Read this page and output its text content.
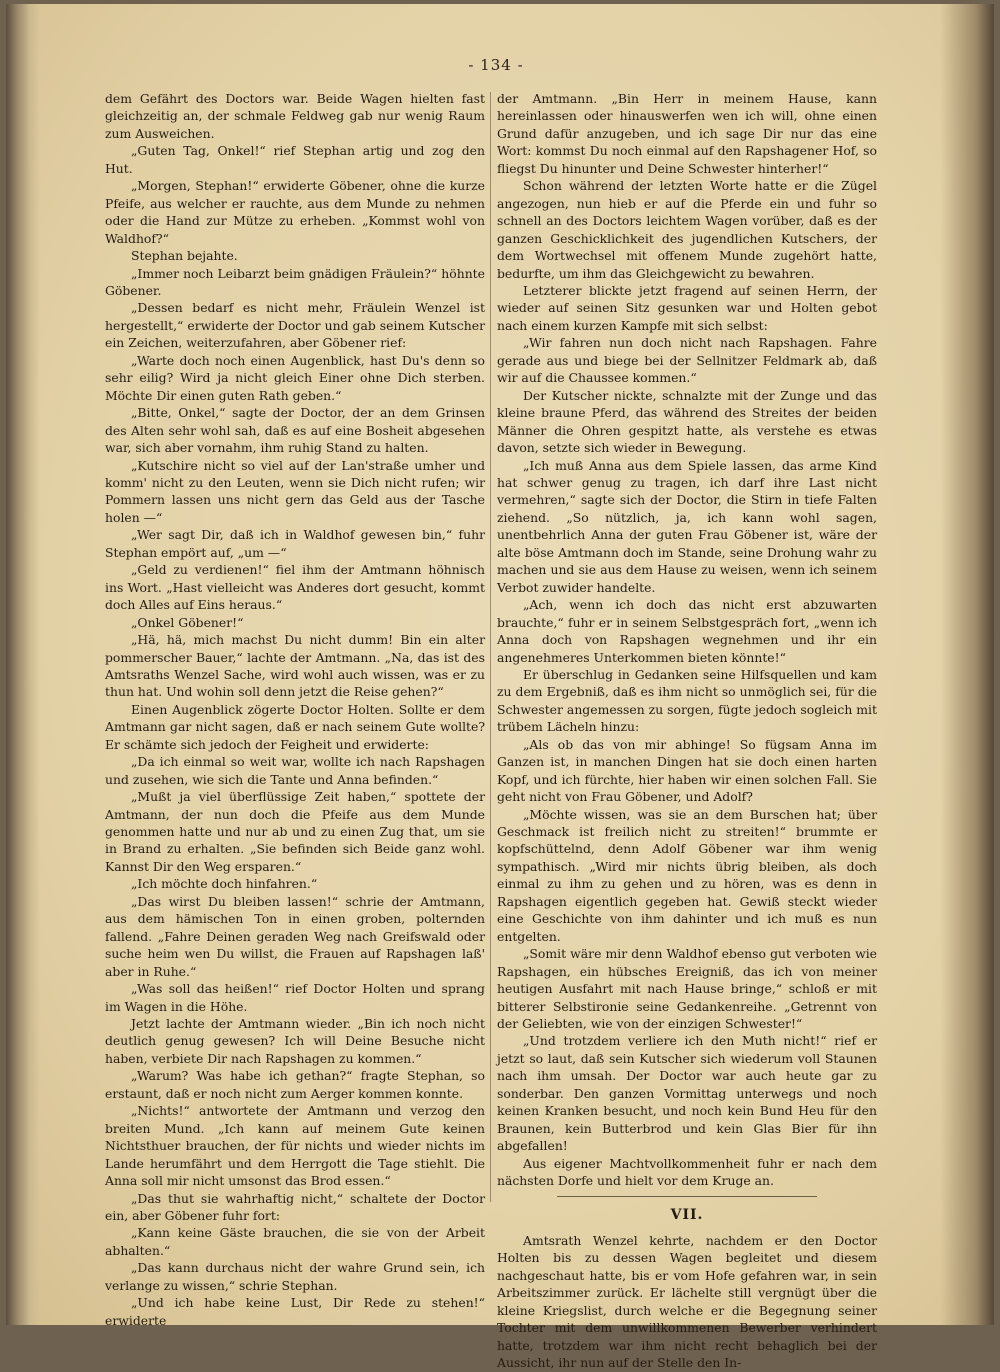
- 134 -

dem Gefährt des Doctors war. Beide Wagen hielten fast gleichzeitig an, der schmale Feldweg gab nur wenig Raum zum Ausweichen.

„Guten Tag, Onkel!“ rief Stephan artig und zog den Hut.

„Morgen, Stephan!“ erwiderte Göbener, ohne die kurze Pfeife, aus welcher er rauchte, aus dem Munde zu nehmen oder die Hand zur Mütze zu erheben. „Kommst wohl von Waldhof?“

Stephan bejahte.

„Immer noch Leibarzt beim gnädigen Fräulein?“ höhnte Göbener.

„Dessen bedarf es nicht mehr, Fräulein Wenzel ist hergestellt,“ erwiderte der Doctor und gab seinem Kutscher ein Zeichen, weiterzufahren, aber Göbener rief:

„Warte doch noch einen Augenblick, hast Du's denn so sehr eilig? Wird ja nicht gleich Einer ohne Dich sterben. Möchte Dir einen guten Rath geben.“

„Bitte, Onkel,“ sagte der Doctor, der an dem Grinsen des Alten sehr wohl sah, daß es auf eine Bosheit abgesehen war, sich aber vornahm, ihm ruhig Stand zu halten.

„Kutschire nicht so viel auf der Lan'straße umher und komm' nicht zu den Leuten, wenn sie Dich nicht rufen; wir Pommern lassen uns nicht gern das Geld aus der Tasche holen —“

„Wer sagt Dir, daß ich in Waldhof gewesen bin,“ fuhr Stephan empört auf, „um —“

„Geld zu verdienen!“ fiel ihm der Amtmann höhnisch ins Wort. „Hast vielleicht was Anderes dort gesucht, kommt doch Alles auf Eins heraus.“

„Onkel Göbener!“

„Hä, hä, mich machst Du nicht dumm! Bin ein alter pommerscher Bauer,“ lachte der Amtmann. „Na, das ist des Amtsraths Wenzel Sache, wird wohl auch wissen, was er zu thun hat. Und wohin soll denn jetzt die Reise gehen?“

Einen Augenblick zögerte Doctor Holten. Sollte er dem Amtmann gar nicht sagen, daß er nach seinem Gute wollte? Er schämte sich jedoch der Feigheit und erwiderte:

„Da ich einmal so weit war, wollte ich nach Rapshagen und zusehen, wie sich die Tante und Anna befinden.“

„Mußt ja viel überflüssige Zeit haben,“ spottete der Amtmann, der nun doch die Pfeife aus dem Munde genommen hatte und nur ab und zu einen Zug that, um sie in Brand zu erhalten. „Sie befinden sich Beide ganz wohl. Kannst Dir den Weg ersparen.“

„Ich möchte doch hinfahren.“

„Das wirst Du bleiben lassen!“ schrie der Amtmann, aus dem hämischen Ton in einen groben, polternden fallend. „Fahre Deinen geraden Weg nach Greifswald oder suche heim wen Du willst, die Frauen auf Rapshagen laß' aber in Ruhe.“

„Was soll das heißen!“ rief Doctor Holten und sprang im Wagen in die Höhe.

Jetzt lachte der Amtmann wieder. „Bin ich noch nicht deutlich genug gewesen? Ich will Deine Besuche nicht haben, verbiete Dir nach Rapshagen zu kommen.“

„Warum? Was habe ich gethan?“ fragte Stephan, so erstaunt, daß er noch nicht zum Aerger kommen konnte.

„Nichts!“ antwortete der Amtmann und verzog den breiten Mund. „Ich kann auf meinem Gute keinen Nichtsthuer brauchen, der für nichts und wieder nichts im Lande herumfährt und dem Herrgott die Tage stiehlt. Die Anna soll mir nicht umsonst das Brod essen.“

„Das thut sie wahrhaftig nicht,“ schaltete der Doctor ein, aber Göbener fuhr fort:

„Kann keine Gäste brauchen, die sie von der Arbeit abhalten.“

„Das kann durchaus nicht der wahre Grund sein, ich verlange zu wissen,“ schrie Stephan.

„Und ich habe keine Lust, Dir Rede zu stehen!“ erwiderte

der Amtmann. „Bin Herr in meinem Hause, kann hereinlassen oder hinauswerfen wen ich will, ohne einen Grund dafür anzugeben, und ich sage Dir nur das eine Wort: kommst Du noch einmal auf den Rapshagener Hof, so fliegst Du hinunter und Deine Schwester hinterher!“

Schon während der letzten Worte hatte er die Zügel angezogen, nun hieb er auf die Pferde ein und fuhr so schnell an des Doctors leichtem Wagen vorüber, daß es der ganzen Geschicklichkeit des jugendlichen Kutschers, der dem Wortwechsel mit offenem Munde zugehört hatte, bedurfte, um ihm das Gleichgewicht zu bewahren.

Letzterer blickte jetzt fragend auf seinen Herrn, der wieder auf seinen Sitz gesunken war und Holten gebot nach einem kurzen Kampfe mit sich selbst:

„Wir fahren nun doch nicht nach Rapshagen. Fahre gerade aus und biege bei der Sellnitzer Feldmark ab, daß wir auf die Chaussee kommen.“

Der Kutscher nickte, schnalzte mit der Zunge und das kleine braune Pferd, das während des Streites der beiden Männer die Ohren gespitzt hatte, als verstehe es etwas davon, setzte sich wieder in Bewegung.

„Ich muß Anna aus dem Spiele lassen, das arme Kind hat schwer genug zu tragen, ich darf ihre Last nicht vermehren,“ sagte sich der Doctor, die Stirn in tiefe Falten ziehend. „So nützlich, ja, ich kann wohl sagen, unentbehrlich Anna der guten Frau Göbener ist, wäre der alte böse Amtmann doch im Stande, seine Drohung wahr zu machen und sie aus dem Hause zu weisen, wenn ich seinem Verbot zuwider handelte.

„Ach, wenn ich doch das nicht erst abzuwarten brauchte,“ fuhr er in seinem Selbstgespräch fort, „wenn ich Anna doch von Rapshagen wegnehmen und ihr ein angenehmeres Unterkommen bieten könnte!“

Er überschlug in Gedanken seine Hilfsquellen und kam zu dem Ergebniß, daß es ihm nicht so unmöglich sei, für die Schwester angemessen zu sorgen, fügte jedoch sogleich mit trübem Lächeln hinzu:

„Als ob das von mir abhinge! So fügsam Anna im Ganzen ist, in manchen Dingen hat sie doch einen harten Kopf, und ich fürchte, hier haben wir einen solchen Fall. Sie geht nicht von Frau Göbener, und Adolf?

„Möchte wissen, was sie an dem Burschen hat; über Geschmack ist freilich nicht zu streiten!“ brummte er kopfschüttelnd, denn Adolf Göbener war ihm wenig sympathisch. „Wird mir nichts übrig bleiben, als doch einmal zu ihm zu gehen und zu hören, was es denn in Rapshagen eigentlich gegeben hat. Gewiß steckt wieder eine Geschichte von ihm dahinter und ich muß es nun entgelten.

„Somit wäre mir denn Waldhof ebenso gut verboten wie Rapshagen, ein hübsches Ereigniß, das ich von meiner heutigen Ausfahrt mit nach Hause bringe,“ schloß er mit bitterer Selbstironie seine Gedankenreihe. „Getrennt von der Geliebten, wie von der einzigen Schwester!“

„Und trotzdem verliere ich den Muth nicht!“ rief er jetzt so laut, daß sein Kutscher sich wiederum voll Staunen nach ihm umsah. Der Doctor war auch heute gar zu sonderbar. Den ganzen Vormittag unterwegs und noch keinen Kranken besucht, und noch kein Bund Heu für den Braunen, kein Butterbrod und kein Glas Bier für ihn abgefallen!

Aus eigener Machtvollkommenheit fuhr er nach dem nächsten Dorfe und hielt vor dem Kruge an.

VII.

Amtsrath Wenzel kehrte, nachdem er den Doctor Holten bis zu dessen Wagen begleitet und diesem nachgeschaut hatte, bis er vom Hofe gefahren war, in sein Arbeitszimmer zurück. Er lächelte still vergnügt über die kleine Kriegslist, durch welche er die Begegnung seiner Tochter mit dem unwillkommenen Bewerber verhindert hatte, trotzdem war ihm nicht recht behaglich bei der Aussicht, ihr nun auf der Stelle den In-
